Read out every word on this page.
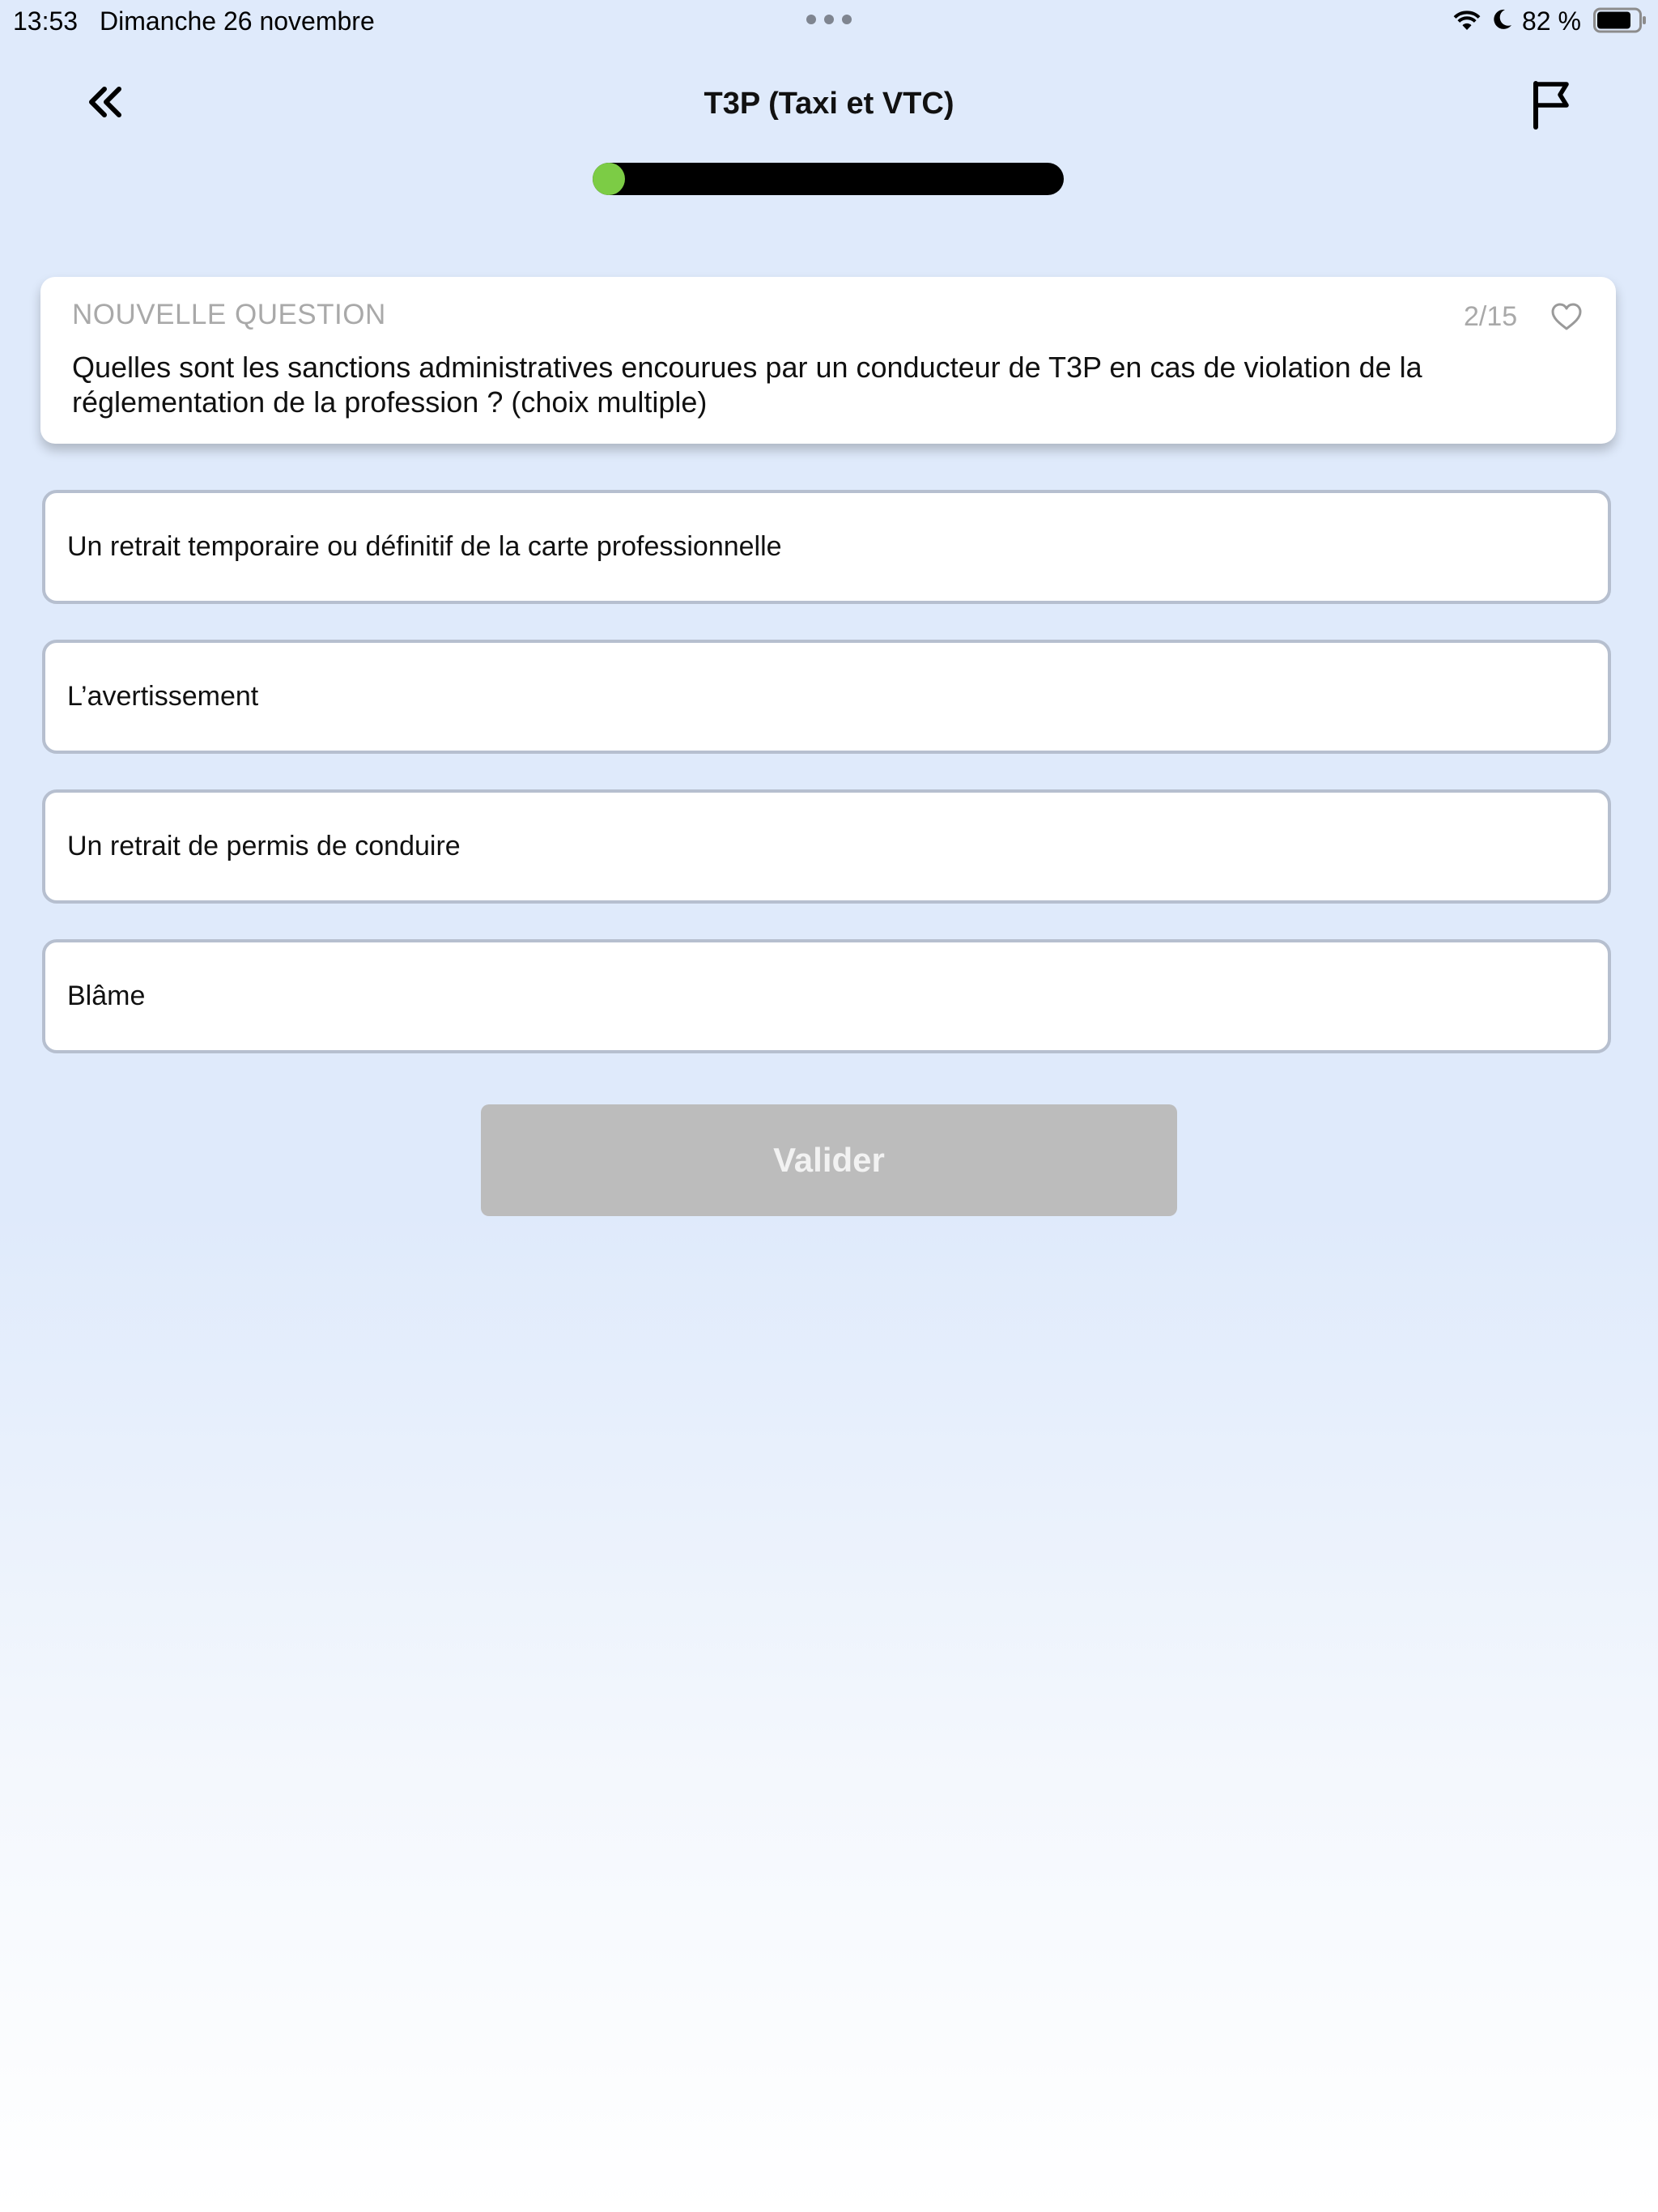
13:53 Dimanche 26 novembre	82 %
T3P (Taxi et VTC)
NOUVELLE QUESTION	2/15
Quelles sont les sanctions administratives encourues par un conducteur de T3P en cas de violation de la réglementation de la profession ? (choix multiple)
Un retrait temporaire ou définitif de la carte professionnelle
L’avertissement
Un retrait de permis de conduire
Blâme
Valider
